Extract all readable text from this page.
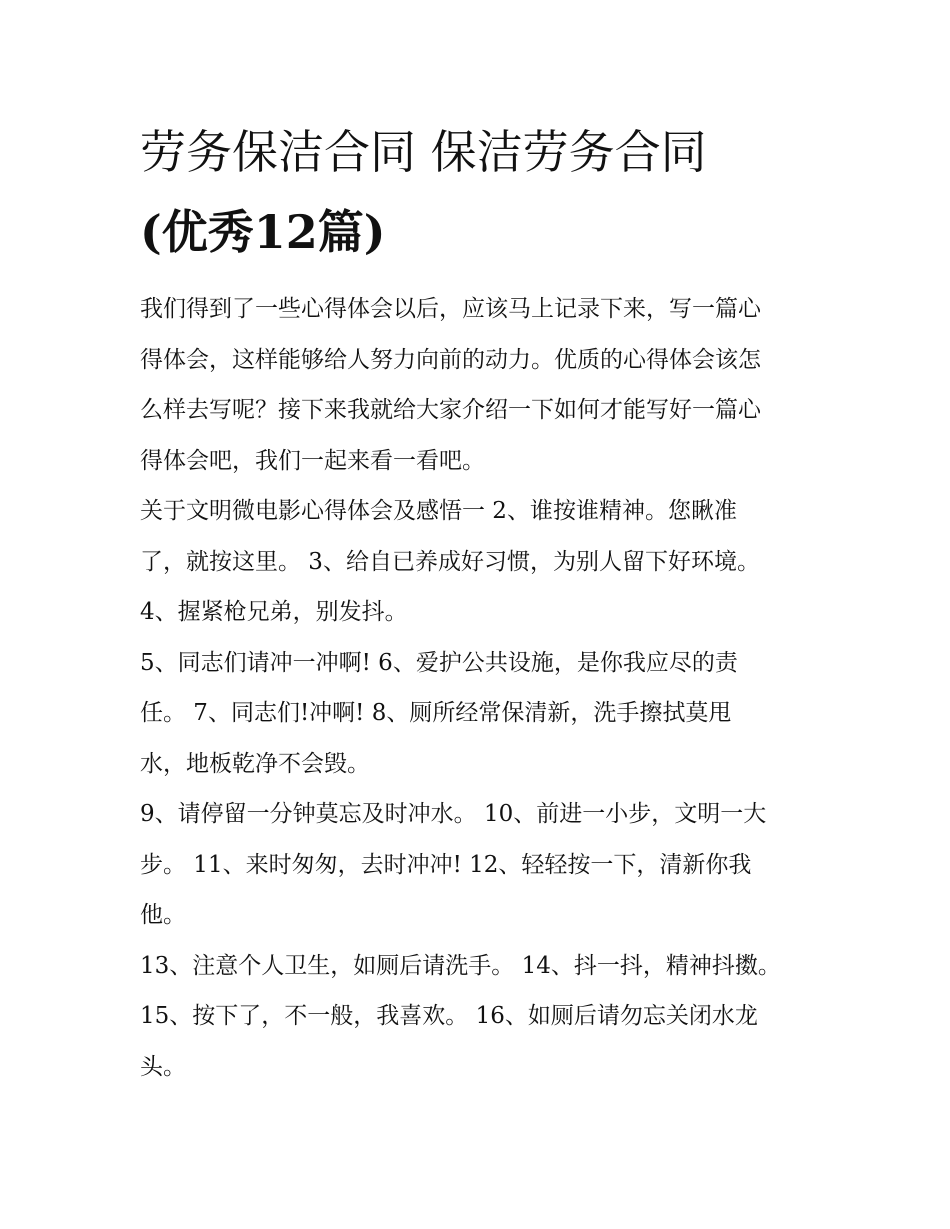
劳务保洁合同 保洁劳务合同
(优秀12篇)

我们得到了一些心得体会以后，应该马上记录下来，写一篇心
得体会，这样能够给人努力向前的动力。优质的心得体会该怎
么样去写呢？接下来我就给大家介绍一下如何才能写好一篇心
得体会吧，我们一起来看一看吧。

关于文明微电影心得体会及感悟一 2、谁按谁精神。您瞅准
了，就按这里。 3、给自已养成好习惯，为别人留下好环境。

4、握紧枪兄弟，别发抖。

5、同志们请冲一冲啊! 6、爱护公共设施，是你我应尽的责
任。 7、同志们!冲啊! 8、厕所经常保清新，洗手擦拭莫甩
水，地板乾净不会毁。

9、请停留一分钟莫忘及时冲水。 10、前进一小步，文明一大
步。 11、来时匆匆，去时冲冲! 12、轻轻按一下，清新你我
他。

13、注意个人卫生，如厕后请洗手。 14、抖一抖，精神抖擞。

15、按下了，不一般，我喜欢。 16、如厕后请勿忘关闭水龙
头。
